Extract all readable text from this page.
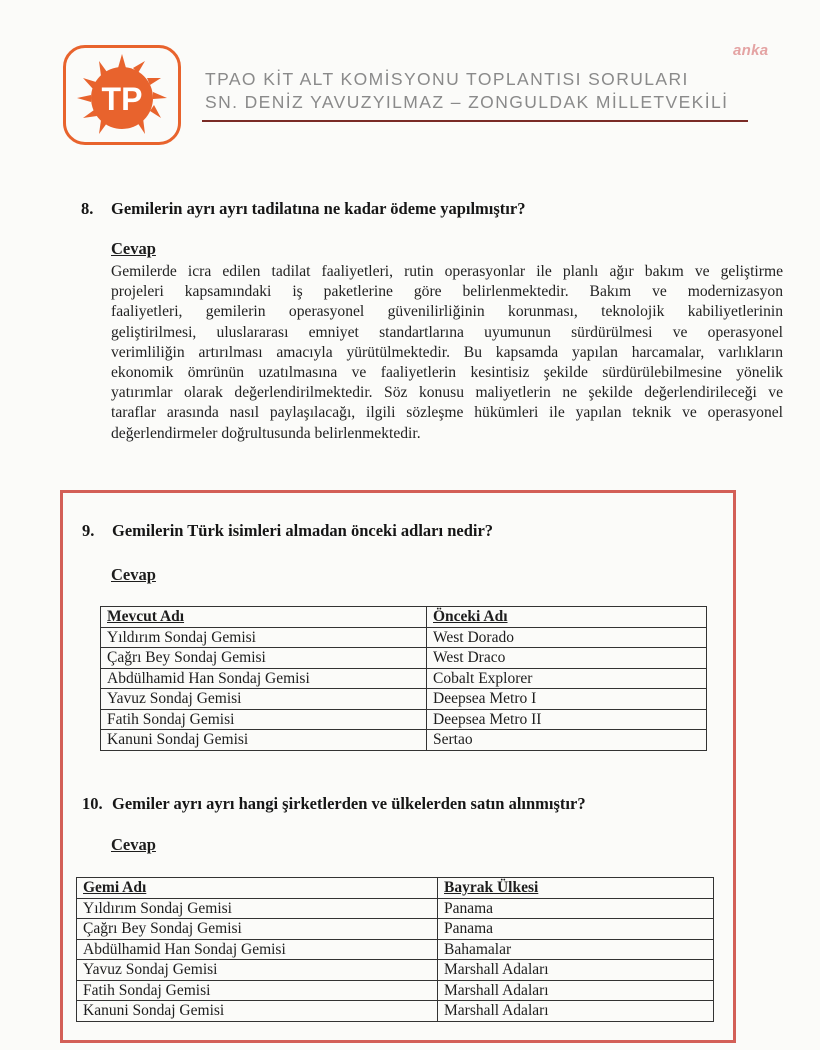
TP
anka
TPAO KİT ALT KOMİSYONU TOPLANTISI SORULARI
SN. DENİZ YAVUZYILMAZ – ZONGULDAK MİLLETVEKİLİ
8. Gemilerin ayrı ayrı tadilatına ne kadar ödeme yapılmıştır?
Cevap
Gemilerde icra edilen tadilat faaliyetleri, rutin operasyonlar ile planlı ağır bakım ve geliştirme
projeleri kapsamındaki iş paketlerine göre belirlenmektedir. Bakım ve modernizasyon
faaliyetleri, gemilerin operasyonel güvenilirliğinin korunması, teknolojik kabiliyetlerinin
geliştirilmesi, uluslararası emniyet standartlarına uyumunun sürdürülmesi ve operasyonel
verimliliğin artırılması amacıyla yürütülmektedir. Bu kapsamda yapılan harcamalar, varlıkların
ekonomik ömrünün uzatılmasına ve faaliyetlerin kesintisiz şekilde sürdürülebilmesine yönelik
yatırımlar olarak değerlendirilmektedir. Söz konusu maliyetlerin ne şekilde değerlendirileceği ve
taraflar arasında nasıl paylaşılacağı, ilgili sözleşme hükümleri ile yapılan teknik ve operasyonel
değerlendirmeler doğrultusunda belirlenmektedir.
9. Gemilerin Türk isimleri almadan önceki adları nedir?
Cevap
Mevcut Adı	Önceki Adı
Yıldırım Sondaj Gemisi	West Dorado
Çağrı Bey Sondaj Gemisi	West Draco
Abdülhamid Han Sondaj Gemisi	Cobalt Explorer
Yavuz Sondaj Gemisi	Deepsea Metro I
Fatih Sondaj Gemisi	Deepsea Metro II
Kanuni Sondaj Gemisi	Sertao
10. Gemiler ayrı ayrı hangi şirketlerden ve ülkelerden satın alınmıştır?
Cevap
Gemi Adı	Bayrak Ülkesi
Yıldırım Sondaj Gemisi	Panama
Çağrı Bey Sondaj Gemisi	Panama
Abdülhamid Han Sondaj Gemisi	Bahamalar
Yavuz Sondaj Gemisi	Marshall Adaları
Fatih Sondaj Gemisi	Marshall Adaları
Kanuni Sondaj Gemisi	Marshall Adaları
